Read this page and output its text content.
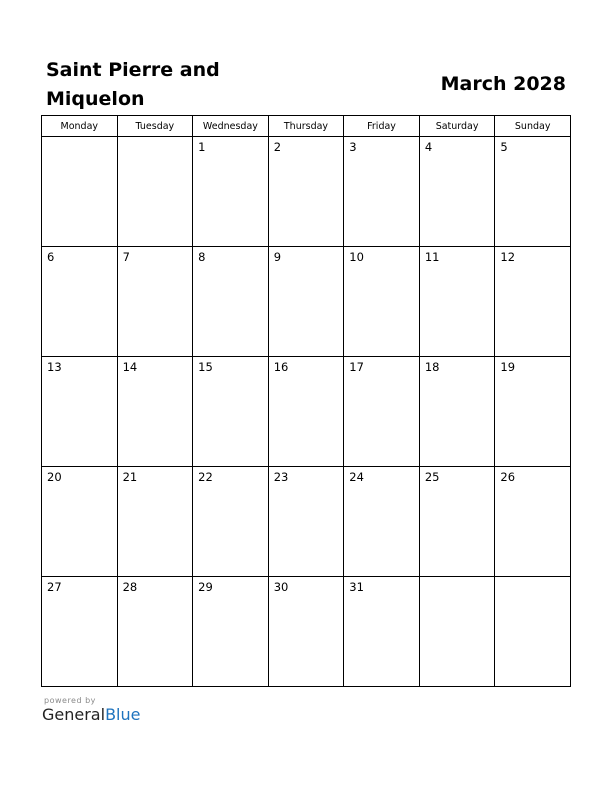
Saint Pierre and Miquelon
March 2028
Monday	Tuesday	Wednesday	Thursday	Friday	Saturday	Sunday

		1	2	3	4	5

6	7	8	9	10	11	12

13	14	15	16	17	18	19

20	21	22	23	24	25	26

27	28	29	30	31		

powered by
GeneralBlue
